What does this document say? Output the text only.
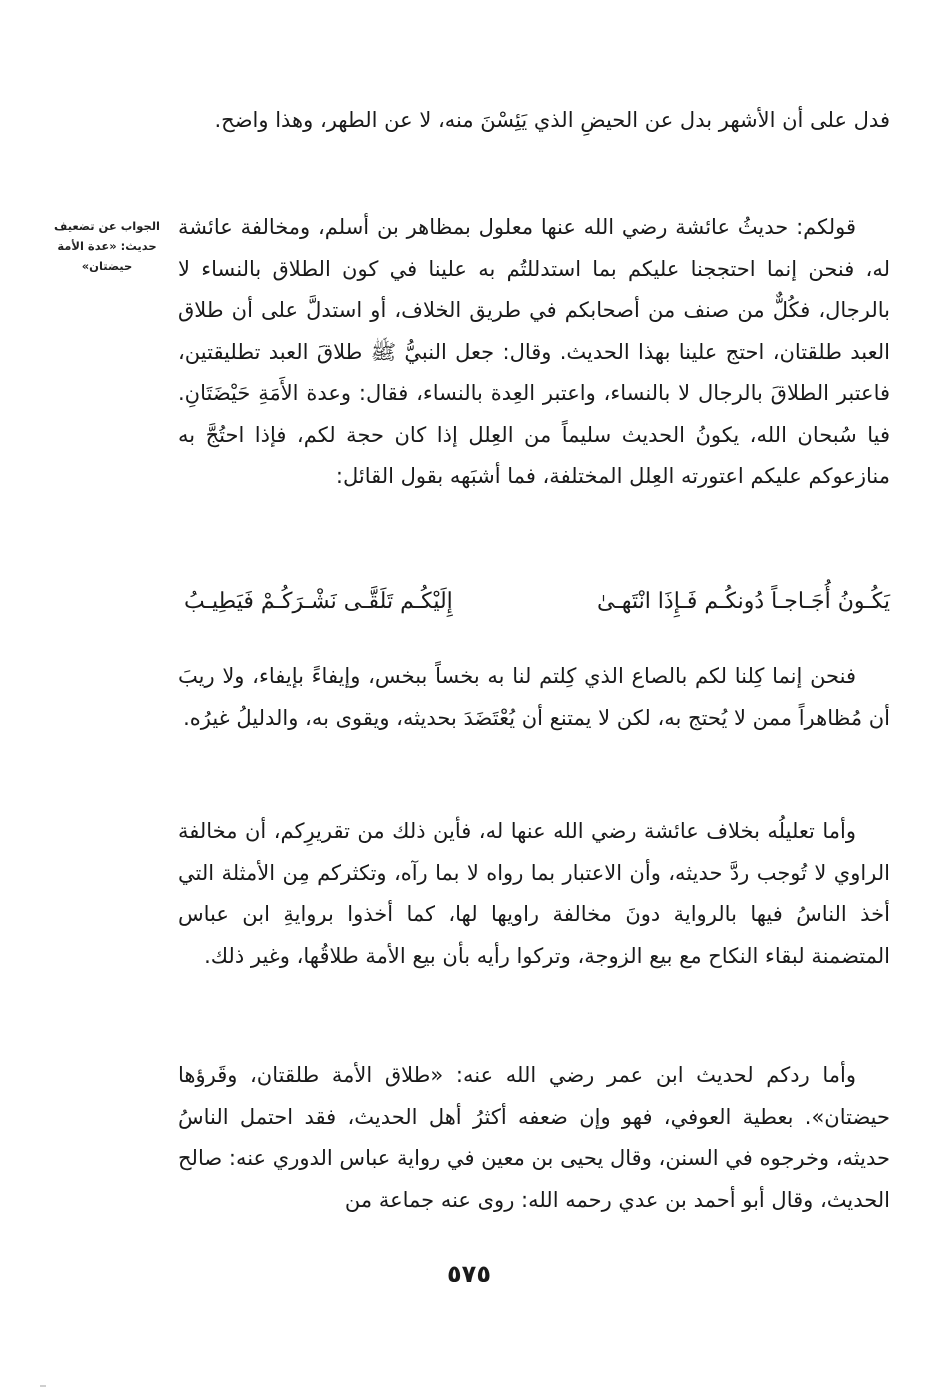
الجواب عن تضعيف حديث: «عدة الأمة حيضتان»

فدل على أن الأشهر بدل عن الحيضِ الذي يَئِسْنَ منه، لا عن الطهر، وهذا واضح.

قولكم: حديثُ عائشة رضي الله عنها معلول بمظاهر بن أسلم، ومخالفة عائشة له، فنحن إنما احتججنا عليكم بما استدللتُم به علينا في كون الطلاق بالنساء لا بالرجال، فكُلٌّ من صنف من أصحابكم في طريق الخلاف، أو استدلَّ على أن طلاق العبد طلقتان، احتج علينا بهذا الحديث. وقال: جعل النبيُّ ﷺ طلاقَ العبد تطليقتين، فاعتبر الطلاقَ بالرجال لا بالنساء، واعتبر العِدة بالنساء، فقال: وعدة الأَمَةِ حَيْضَتَانِ. فيا سُبحان الله، يكونُ الحديث سليماً من العِلل إذا كان حجة لكم، فإذا احتُجَّ به منازعوكم عليكم اعتورته العِلل المختلفة، فما أشبَهه بقول القائل:

يَكُـونُ أُجَـاجـاً دُونكُـم فَـإِذَا انْتَهـىٰ
إِلَيْكُـم تَلَقَّـى نَشْـرَكُـمْ فَيَطِيـبُ

فنحن إنما كِلنا لكم بالصاع الذي كِلتم لنا به بخساً ببخس، وإيفاءً بإيفاء، ولا ريبَ أن مُظاهراً ممن لا يُحتج به، لكن لا يمتنع أن يُعْتَضَدَ بحديثه، ويقوى به، والدليلُ غيرُه.

وأما تعليلُه بخلاف عائشة رضي الله عنها له، فأين ذلك من تقريرِكم، أن مخالفة الراوي لا تُوجب ردَّ حديثه، وأن الاعتبار بما رواه لا بما رآه، وتكثركم مِن الأمثلة التي أخذ الناسُ فيها بالرواية دونَ مخالفة راويها لها، كما أخذوا بروايةِ ابن عباس المتضمنة لبقاء النكاح مع بيع الزوجة، وتركوا رأيه بأن بيع الأمة طلاقُها، وغير ذلك.

وأما ردكم لحديث ابن عمر رضي الله عنه: «طلاق الأمة طلقتان، وقَرؤها حيضتان». بعطية العوفي، فهو وإن ضعفه أكثرُ أهل الحديث، فقد احتمل الناسُ حديثه، وخرجوه في السنن، وقال يحيى بن معين في رواية عباس الدوري عنه: صالح الحديث، وقال أبو أحمد بن عدي رحمه الله: روى عنه جماعة من

٥٧٥
